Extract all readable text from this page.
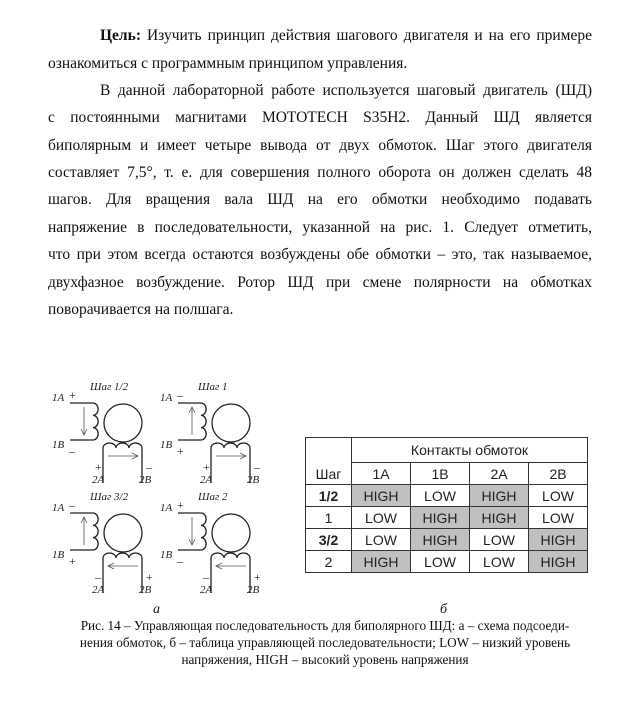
Цель: Изучить принцип действия шагового двигателя и на его примере
ознакомиться с программным принципом управления.
В данной лабораторной работе используется шаговый двигатель (ШД)
с постоянными магнитами MOTOTECH S35H2. Данный ШД является
биполярным и имеет четыре вывода от двух обмоток. Шаг этого двигателя
составляет 7,5°, т. е. для совершения полного оборота он должен сделать 48
шагов. Для вращения вала ШД на его обмотки необходимо подавать
напряжение в последовательности, указанной на рис. 1. Следует отметить,
что при этом всегда остаются возбуждены обе обмотки – это, так называемое,
двухфазное возбуждение. Ротор ШД при смене полярности на обмотках
поворачивается на полшага.
Шаг 1/2
1A
1B
+
–
2A	2B
+	–
Шаг 1
1A
1B
–
+
2A	2B
+	–
Шаг 3/2
1A
1B
–
+
2A	2B
–	+
Шаг 2
1A
1B
+
–
2A	2B
–	+
Шаг	Контакты обмоток			
	1A	1B	2A	2B
1/2	HIGH	LOW	HIGH	LOW
1	LOW	HIGH	HIGH	LOW
3/2	LOW	HIGH	LOW	HIGH
2	HIGH	LOW	LOW	HIGH
а	б
Рис. 14 – Управляющая последовательность для биполярного ШД: а – схема подсоеди-
нения обмоток, б – таблица управляющей последовательности; LOW – низкий уровень
напряжения, HIGH – высокий уровень напряжения
